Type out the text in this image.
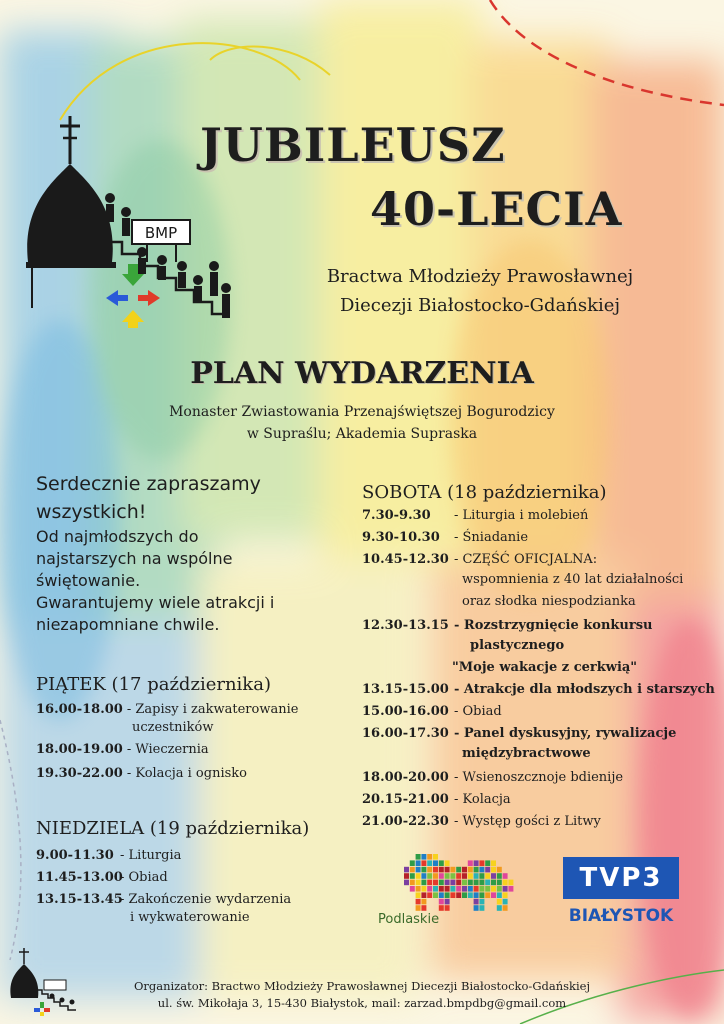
BMP
JUBILEUSZ
40-LECIA
Bractwa Młodzieży Prawosławnej
Diecezji Białostocko-Gdańskiej
PLAN WYDARZENIA
Monaster Zwiastowania Przenajświętszej Bogurodzicy
w Supraślu; Akademia Supraska
Serdecznie zapraszamy
wszystkich!
Od najmłodszych do
najstarszych na wspólne
świętowanie.
Gwarantujemy wiele atrakcji i
niezapomniane chwile.
PIĄTEK (17 października)
16.00-18.00 - Zapisy i zakwaterowanie
uczestników
18.00-19.00 - Wieczernia
19.30-22.00 - Kolacja i ognisko
NIEDZIELA (19 października)
9.00-11.30 - Liturgia
11.45-13.00
- Obiad
13.15-13.45
- Zakończenie wydarzenia
i wykwaterowanie
SOBOTA (18 października)
7.30-9.30	- Liturgia i molebień
9.30-10.30	- Śniadanie
10.45-12.30 - CZĘŚĆ OFICJALNA:
wspomnienia z 40 lat działalności
oraz słodka niespodzianka
12.30-13.15 - Rozstrzygnięcie konkursu
plastycznego
"Moje wakacje z cerkwią"
13.15-15.00 - Atrakcje dla młodszych i starszych
15.00-16.00 - Obiad
16.00-17.30 - Panel dyskusyjny, rywalizacje
międzybractwowe
18.00-20.00 - Wsienoszcznoje bdienije
20.15-21.00 - Kolacja
21.00-22.30 - Występ gości z Litwy
Podlaskie
TVP3
BIAŁYSTOK
Organizator: Bractwo Młodzieży Prawosławnej Diecezji Białostocko-Gdańskiej
ul. św. Mikołaja 3, 15-430 Białystok, mail: zarzad.bmpdbg@gmail.com
